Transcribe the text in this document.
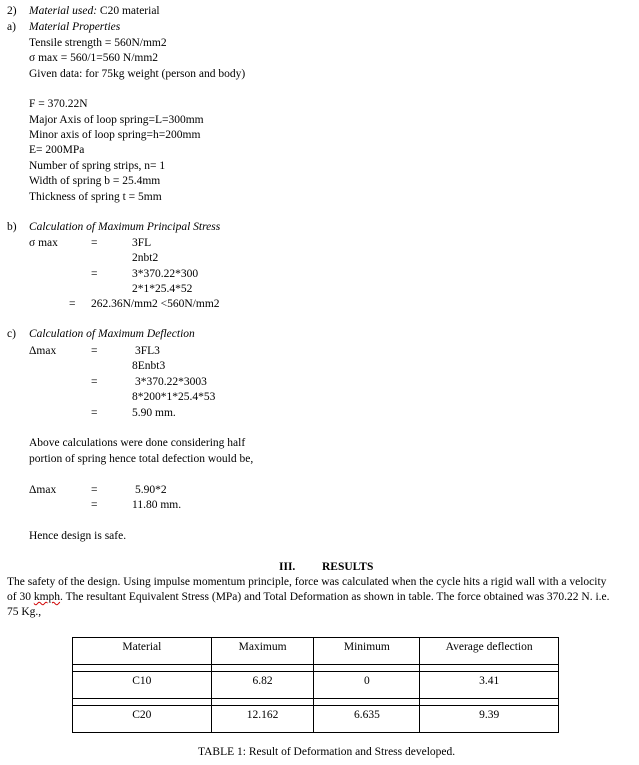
2) Material used: C20 material
a) Material Properties
Tensile strength = 560N/mm2
σ max = 560/1=560 N/mm2
Given data: for 75kg weight (person and body)
F = 370.22N
Major Axis of loop spring=L=300mm
Minor axis of loop spring=h=200mm
E= 200MPa
Number of spring strips, n= 1
Width of spring b = 25.4mm
Thickness of spring t = 5mm
b) Calculation of Maximum Principal Stress
σ max	=	3FL
2nbt2
=	3*370.22*300
2*1*25.4*52
= 262.36N/mm2 <560N/mm2
c) Calculation of Maximum Deflection
Δmax	=	3FL3
8Enbt3
=	3*370.22*3003
8*200*1*25.4*53
=	5.90 mm.
Above calculations were done considering half
portion of spring hence total defection would be,
Δmax	=	5.90*2
=	11.80 mm.
Hence design is safe.
III. RESULTS
The safety of the design. Using impulse momentum principle, force was calculated when the cycle hits a rigid wall with a velocity
of 30 kmph. The resultant Equivalent Stress (MPa) and Total Deformation as shown in table. The force obtained was 370.22 N. i.e.
75 Kg.,
Material	Maximum	Minimum	Average deflection

C10	6.82	0	3.41

C20	12.162	6.635	9.39
TABLE 1: Result of Deformation and Stress developed.
